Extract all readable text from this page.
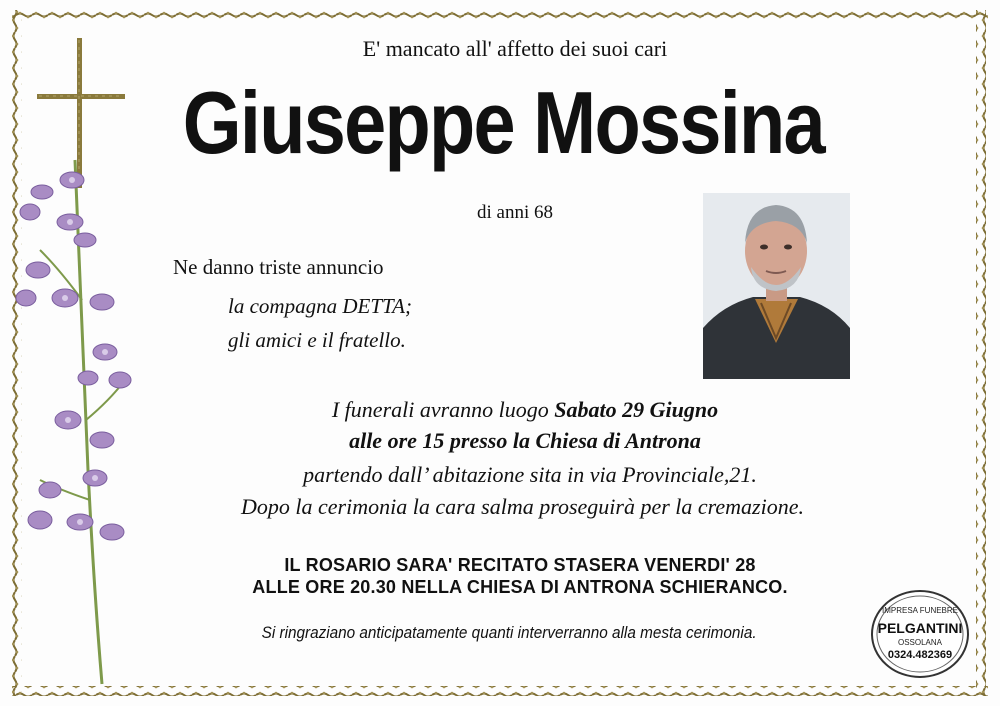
E' mancato all' affetto dei suoi cari
Giuseppe Mossina
di anni 68
Ne danno triste annuncio
la compagna DETTA;
gli amici e il fratello.
I funerali avranno luogo Sabato 29 Giugno
alle ore 15 presso la Chiesa di Antrona
partendo dall’ abitazione sita in via Provinciale,21.
Dopo la cerimonia la cara salma proseguirà per la cremazione.
IL ROSARIO SARA' RECITATO STASERA VENERDI' 28
ALLE ORE 20.30 NELLA CHIESA DI ANTRONA SCHIERANCO.
Si ringraziano anticipatamente quanti interverranno alla mesta cerimonia.
IMPRESA FUNEBRE
PELGANTINI
OSSOLANA
0324.482369
